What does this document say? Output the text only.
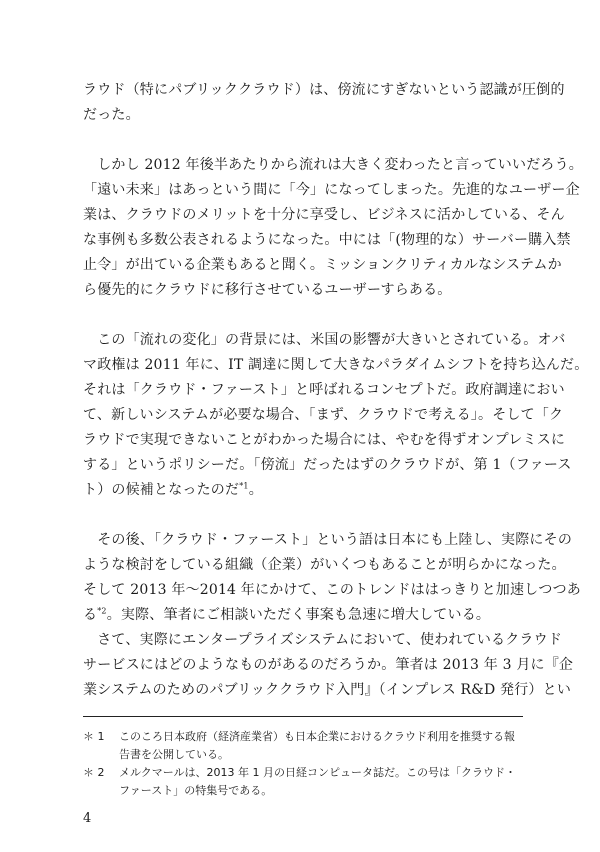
ラウド（特にパブリッククラウド）は、傍流にすぎないという認識が圧倒的
だった。
　しかし 2012 年後半あたりから流れは大きく変わったと言っていいだろう。
「遠い未来」はあっという間に「今」になってしまった。先進的なユーザー企
業は、クラウドのメリットを十分に享受し、ビジネスに活かしている、そん
な事例も多数公表されるようになった。中には「(物理的な）サーバー購入禁
止令」が出ている企業もあると聞く。ミッションクリティカルなシステムか
ら優先的にクラウドに移行させているユーザーすらある。
　この「流れの変化」の背景には、米国の影響が大きいとされている。オバ
マ政権は 2011 年に、IT 調達に関して大きなパラダイムシフトを持ち込んだ。
それは「クラウド・ファースト」と呼ばれるコンセプトだ。政府調達におい
て、新しいシステムが必要な場合、「まず、クラウドで考える」。そして「ク
ラウドで実現できないことがわかった場合には、やむを得ずオンプレミスに
する」というポリシーだ。「傍流」だったはずのクラウドが、第 1（ファース
ト）の候補となったのだ$^{*1}$。
　その後、「クラウド・ファースト」という語は日本にも上陸し、実際にその
ような検討をしている組織（企業）がいくつもあることが明らかになった。
そして 2013 年〜2014 年にかけて、このトレンドははっきりと加速しつつあ
る$^{*2}$。実際、筆者にご相談いただく事案も急速に増大している。
　さて、実際にエンタープライズシステムにおいて、使われているクラウド
サービスにはどのようなものがあるのだろうか。筆者は 2013 年 3 月に『企
業システムのためのパブリッククラウド入門』（インプレス R&D 発行）とい
＊ 1	このころ日本政府（経済産業省）も日本企業におけるクラウド利用を推奨する報
告書を公開している。
＊ 2	メルクマールは、2013 年 1 月の日経コンピュータ誌だ。この号は「クラウド・
ファースト」の特集号である。
4
